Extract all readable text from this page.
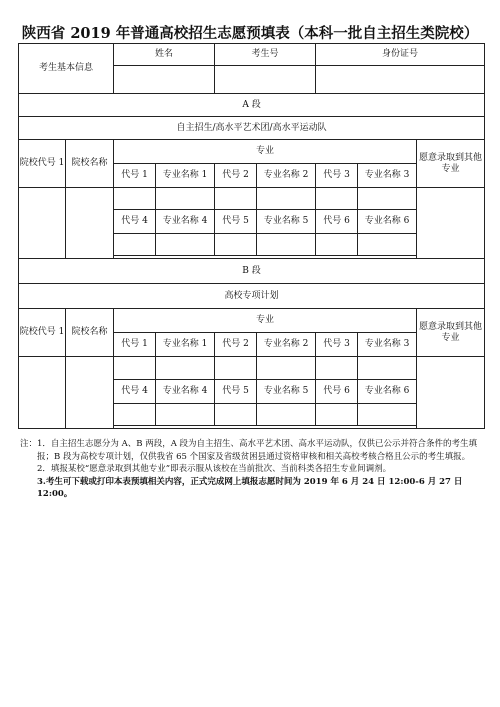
陕西省 2019 年普通高校招生志愿预填表（本科一批自主招生类院校）
考生基本信息		姓名		考生号		身份证号		

A 段								
自主招生/高水平艺术团/高水平运动队								
院校代号 1	院校名称	专业						愿意录取到其他专业
		代号 1	专业名称 1	代号 2	专业名称 2	代号 3	专业名称 3	

		代号 4	专业名称 4	代号 5	专业名称 5	代号 6	专业名称 6	

B 段								
高校专项计划								
院校代号 1	院校名称	专业						愿意录取到其他专业
		代号 1	专业名称 1	代号 2	专业名称 2	代号 3	专业名称 3	

		代号 4	专业名称 4	代号 5	专业名称 5	代号 6	专业名称 6	

注：1．自主招生志愿分为 A、B 两段，A 段为自主招生、高水平艺术团、高水平运动队，仅供已公示并符合条件的考生填报；B 段为高校专项计划，仅供我省 65 个国家及省级贫困县通过资格审核和相关高校考核合格且公示的考生填报。

2．填报某校“愿意录取到其他专业”即表示服从该校在当前批次、当前科类各招生专业间调剂。

3.考生可下载或打印本表预填相关内容，正式完成网上填报志愿时间为 2019 年 6 月 24 日 12:00-6 月 27 日 12:00。
